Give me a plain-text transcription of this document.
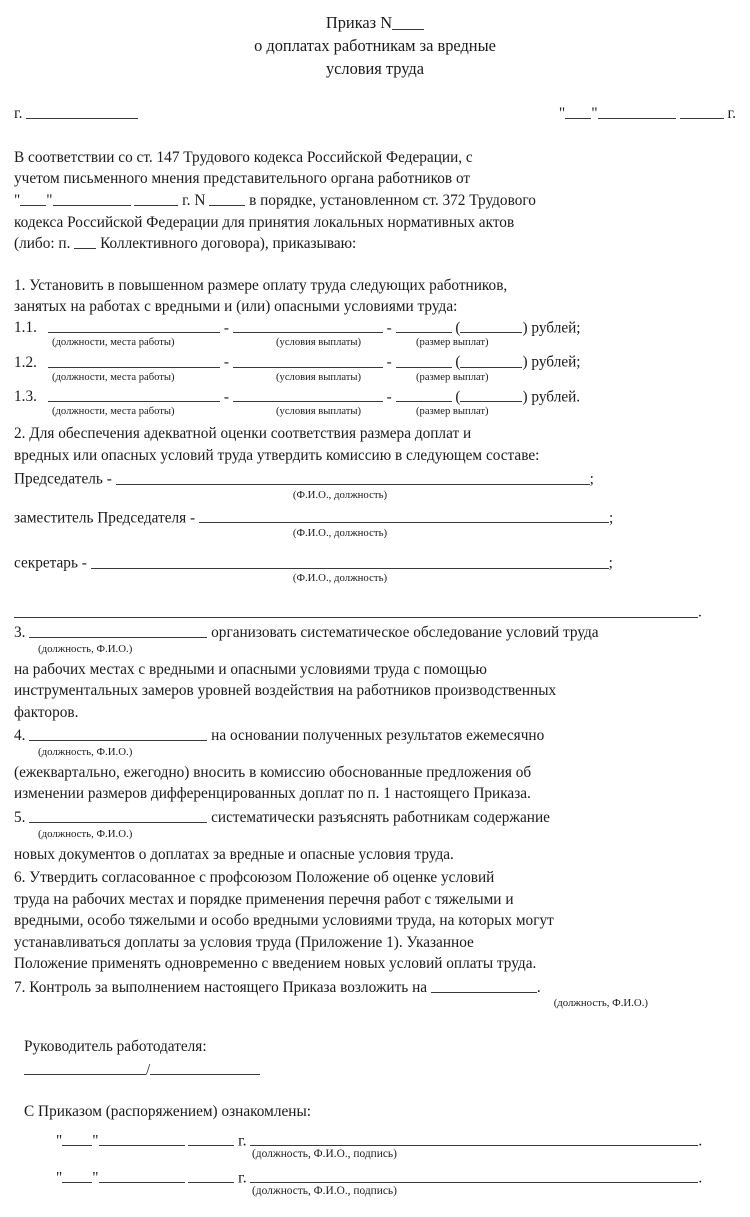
Приказ N
о доплатах работникам за вредные
условия труда
г.	" "	г.
В соответствии со ст. 147 Трудового кодекса Российской Федерации, с
учетом письменного мнения представительного органа работников от
" "	г. N	в порядке, установленном ст. 372 Трудового
кодекса Российской Федерации для принятия локальных нормативных актов
(либо: п. Коллективного договора), приказываю:
1. Установить в повышенном размере оплату труда следующих работников,
занятых на работах с вредными и (или) опасными условиями труда:
1.1.	-	-	(	) рублей;
(должности, места работы)	(условия выплаты)	(размер выплат)
1.2.	-	-	(	) рублей;
(должности, места работы)	(условия выплаты)	(размер выплат)
1.3.	-	-	(	) рублей.
(должности, места работы)	(условия выплаты)	(размер выплат)
2. Для обеспечения адекватной оценки соответствия размера доплат и
вредных или опасных условий труда утвердить комиссию в следующем составе:
Председатель -	;
(Ф.И.О., должность)
заместитель Председателя -	;
(Ф.И.О., должность)
секретарь -	;
(Ф.И.О., должность)
.
3.	организовать систематическое обследование условий труда
(должность, Ф.И.О.)
на рабочих местах с вредными и опасными условиями труда с помощью
инструментальных замеров уровней воздействия на работников производственных
факторов.
4.	на основании полученных результатов ежемесячно
(должность, Ф.И.О.)
(ежеквартально, ежегодно) вносить в комиссию обоснованные предложения об
изменении размеров дифференцированных доплат по п. 1 настоящего Приказа.
5.	систематически разъяснять работникам содержание
(должность, Ф.И.О.)
новых документов о доплатах за вредные и опасные условия труда.
6. Утвердить согласованное с профсоюзом Положение об оценке условий
труда на рабочих местах и порядке применения перечня работ с тяжелыми и
вредными, особо тяжелыми и особо вредными условиями труда, на которых могут
устанавливаться доплаты за условия труда (Приложение 1). Указанное
Положение применять одновременно с введением новых условий оплаты труда.
7. Контроль за выполнением настоящего Приказа возложить на	.
(должность, Ф.И.О.)
Руководитель работодателя:
/
С Приказом (распоряжением) ознакомлены:
" "	г.	.
(должность, Ф.И.О., подпись)
" "	г.	.
(должность, Ф.И.О., подпись)
